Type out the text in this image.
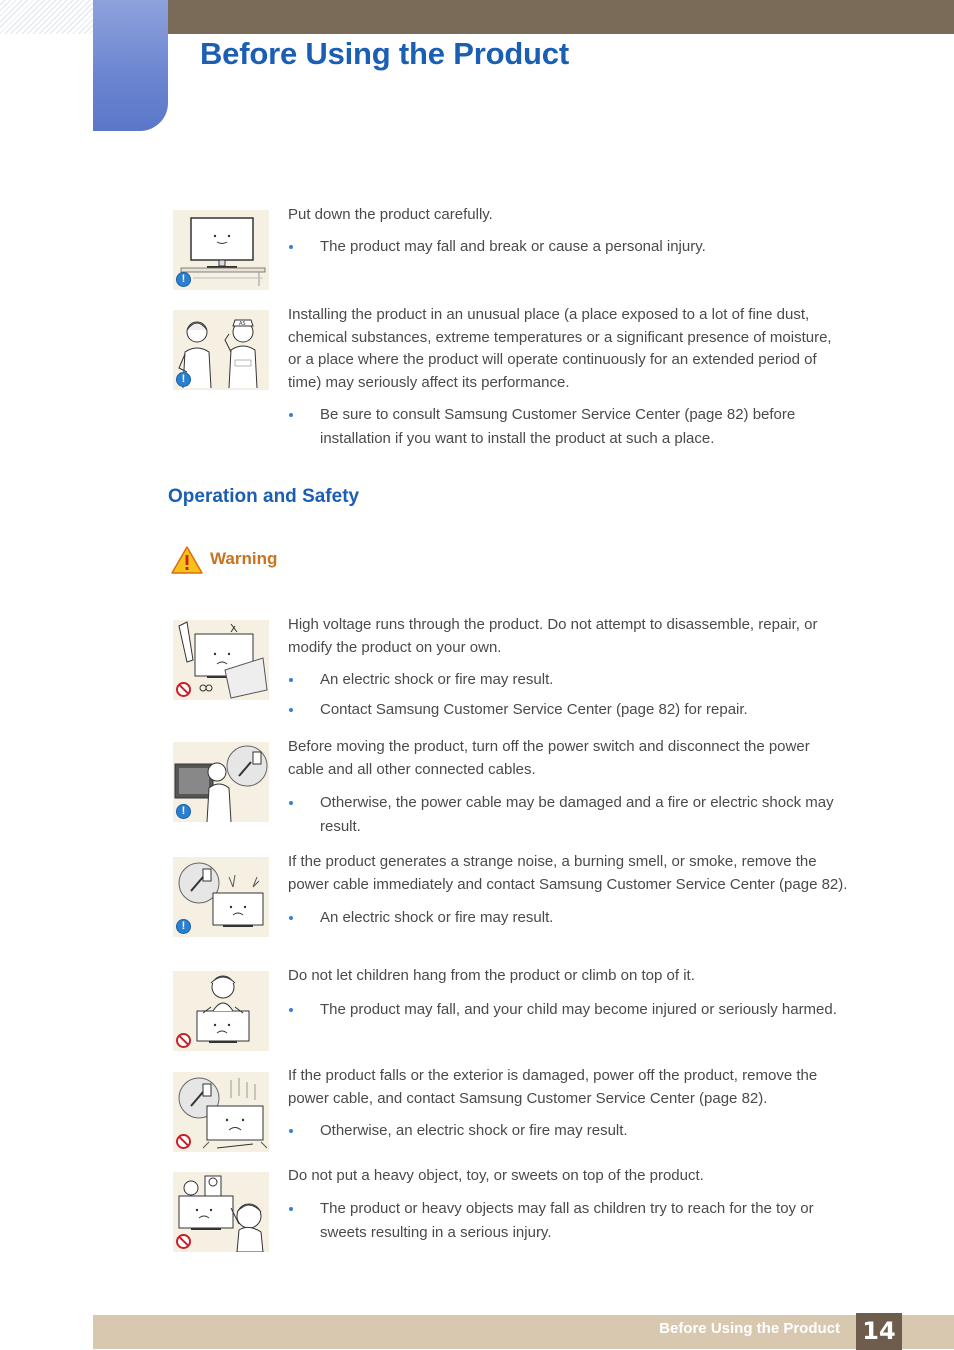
Before Using the Product
!

Put down the product carefully.

The product may fall and break or cause a personal injury.

AS
!

Installing the product in an unusual place (a place exposed to a lot of fine dust, chemical substances, extreme temperatures or a significant presence of moisture, or a place where the product will operate continuously for an extended period of time) may seriously affect its performance.

Be sure to consult Samsung Customer Service Center (page 82) before installation if you want to install the product at such a place.

Operation and Safety
Warning

High voltage runs through the product. Do not attempt to disassemble, repair, or modify the product on your own.

An electric shock or fire may result.

Contact Samsung Customer Service Center (page 82) for repair.

!

Before moving the product, turn off the power switch and disconnect the power cable and all other connected cables.

Otherwise, the power cable may be damaged and a fire or electric shock may result.

!

If the product generates a strange noise, a burning smell, or smoke, remove the power cable immediately and contact Samsung Customer Service Center (page 82).

An electric shock or fire may result.

Do not let children hang from the product or climb on top of it.

The product may fall, and your child may become injured or seriously harmed.

If the product falls or the exterior is damaged, power off the product, remove the power cable, and contact Samsung Customer Service Center (page 82).

Otherwise, an electric shock or fire may result.

Do not put a heavy object, toy, or sweets on top of the product.

The product or heavy objects may fall as children try to reach for the toy or sweets resulting in a serious injury.

Before Using the Product 14
